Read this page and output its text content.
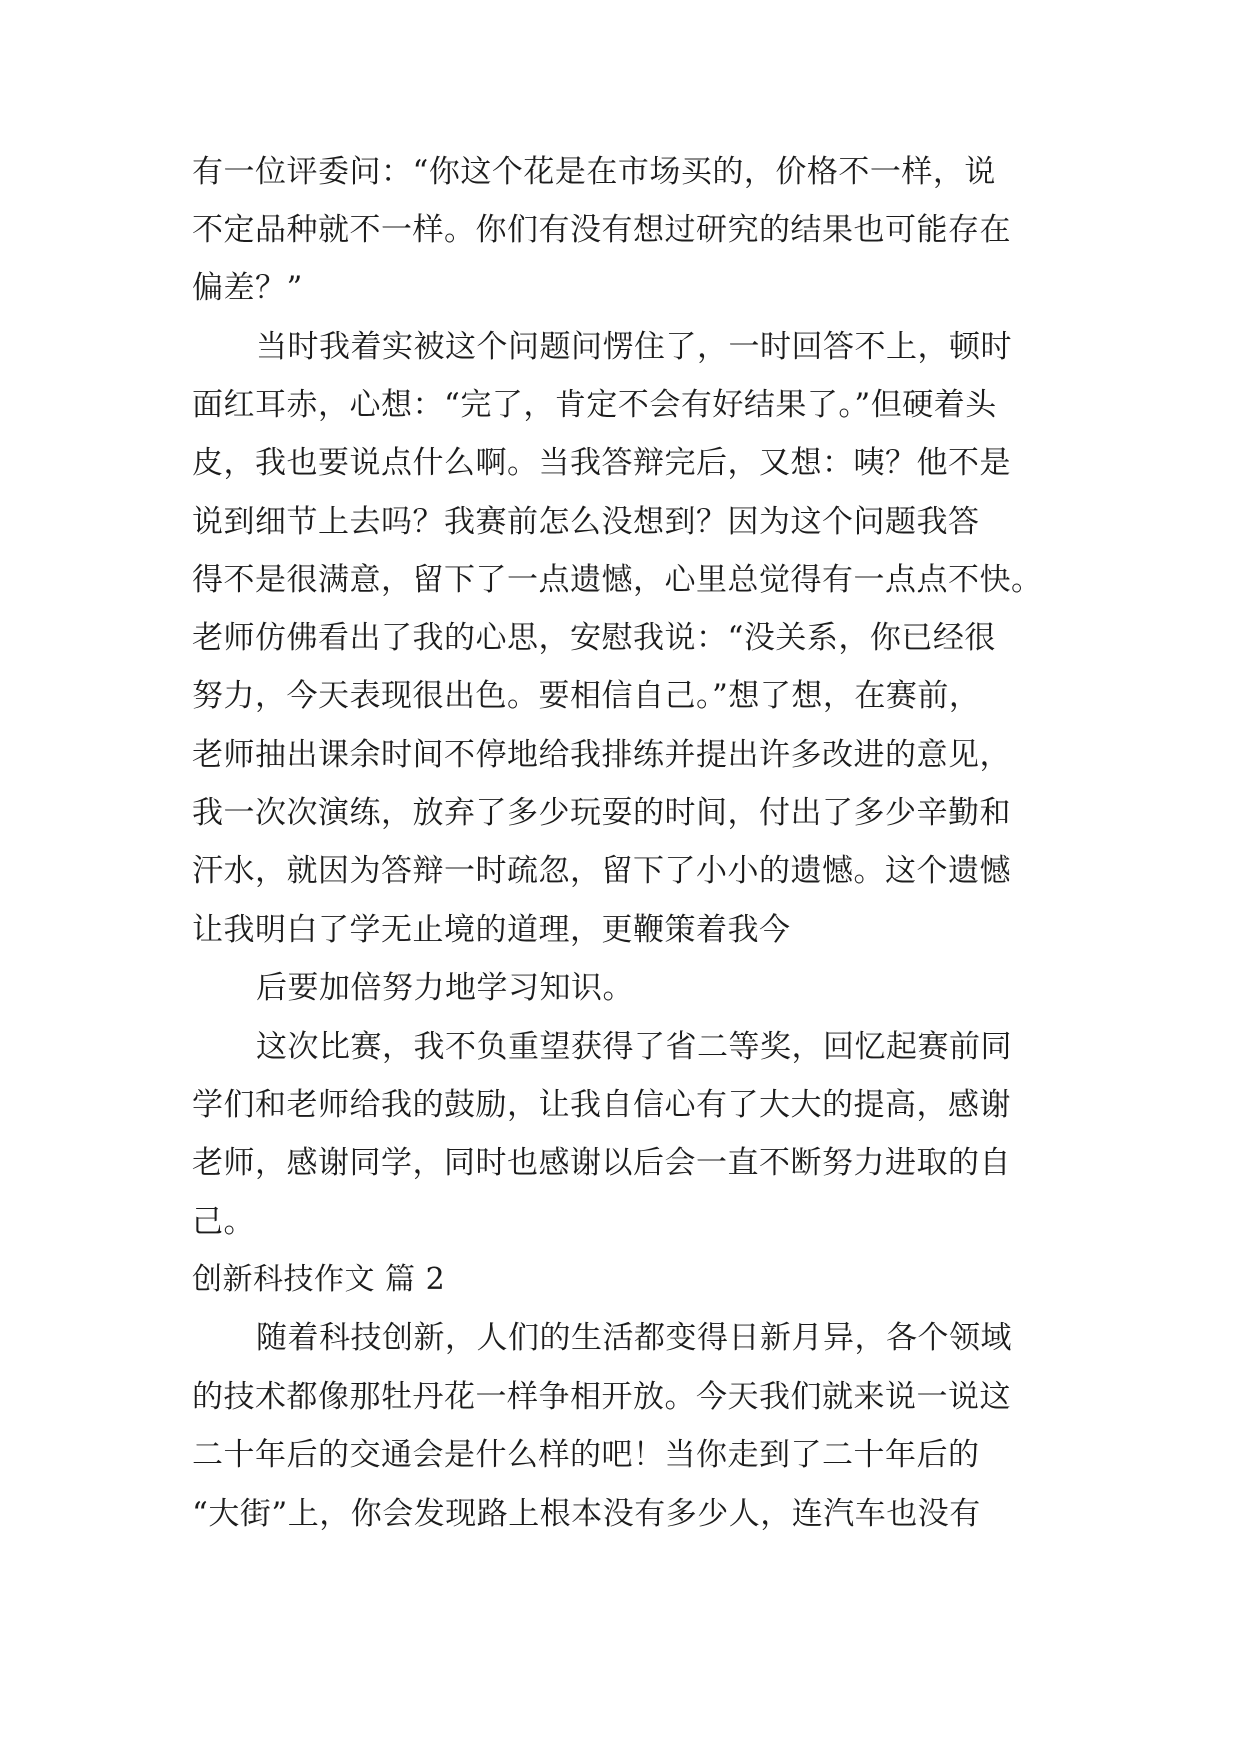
有一位评委问：“你这个花是在市场买的，价格不一样，说
不定品种就不一样。你们有没有想过研究的结果也可能存在
偏差？”
当时我着实被这个问题问愣住了，一时回答不上，顿时
面红耳赤，心想：“完了，肯定不会有好结果了。”但硬着头
皮，我也要说点什么啊。当我答辩完后，又想：咦？他不是
说到细节上去吗？我赛前怎么没想到？因为这个问题我答
得不是很满意，留下了一点遗憾，心里总觉得有一点点不快。
老师仿佛看出了我的心思，安慰我说：“没关系，你已经很
努力，今天表现很出色。要相信自己。”想了想，在赛前，
老师抽出课余时间不停地给我排练并提出许多改进的意见，
我一次次演练，放弃了多少玩耍的时间，付出了多少辛勤和
汗水，就因为答辩一时疏忽，留下了小小的遗憾。这个遗憾
让我明白了学无止境的道理，更鞭策着我今
后要加倍努力地学习知识。
这次比赛，我不负重望获得了省二等奖，回忆起赛前同
学们和老师给我的鼓励，让我自信心有了大大的提高，感谢
老师，感谢同学，同时也感谢以后会一直不断努力进取的自
己。
创新科技作文 篇 2
随着科技创新，人们的生活都变得日新月异，各个领域
的技术都像那牡丹花一样争相开放。今天我们就来说一说这
二十年后的交通会是什么样的吧！当你走到了二十年后的
“大街”上，你会发现路上根本没有多少人，连汽车也没有
